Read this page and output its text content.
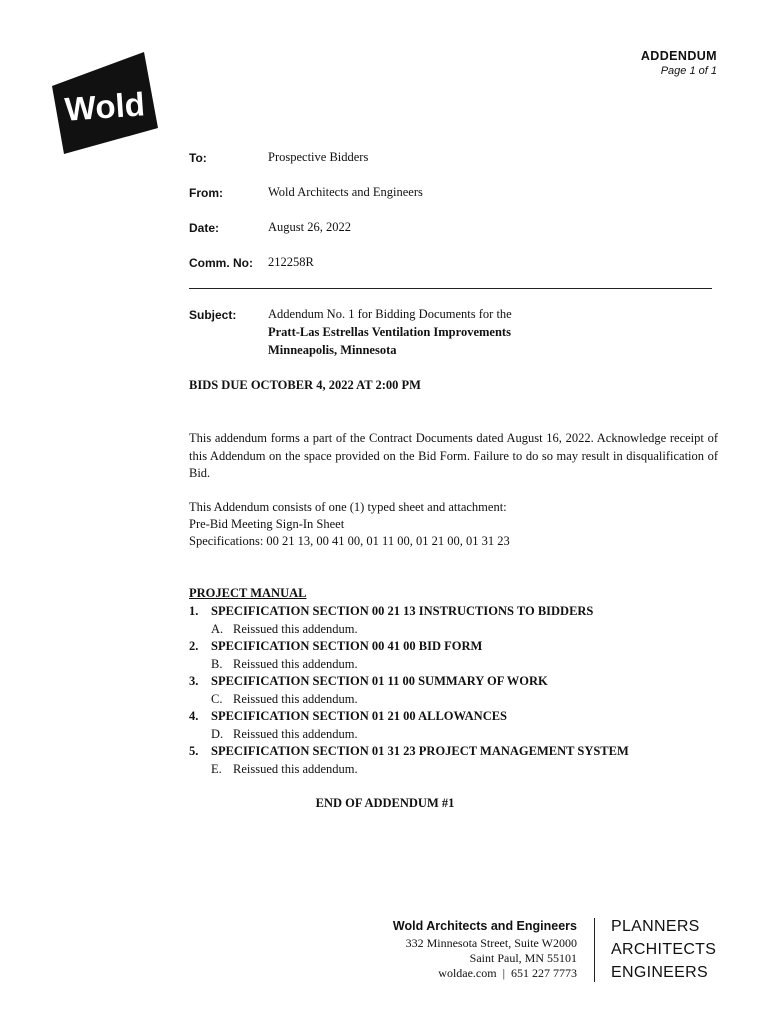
Wold
ADDENDUM
Page 1 of 1
To:	Prospective Bidders
From:	Wold Architects and Engineers
Date:	August 26, 2022
Comm. No: 212258R
Subject:	Addendum No. 1 for Bidding Documents for the
Pratt-Las Estrellas Ventilation Improvements
Minneapolis, Minnesota
BIDS DUE OCTOBER 4, 2022 AT 2:00 PM
This addendum forms a part of the Contract Documents dated August 16, 2022. Acknowledge receipt of this Addendum on the space provided on the Bid Form. Failure to do so may result in disqualification of Bid.
This Addendum consists of one (1) typed sheet and attachment:
Pre-Bid Meeting Sign-In Sheet
Specifications: 00 21 13, 00 41 00, 01 11 00, 01 21 00, 01 31 23
PROJECT MANUAL
1. SPECIFICATION SECTION 00 21 13 INSTRUCTIONS TO BIDDERS
A. Reissued this addendum.
2. SPECIFICATION SECTION 00 41 00 BID FORM
B. Reissued this addendum.
3. SPECIFICATION SECTION 01 11 00 SUMMARY OF WORK
C. Reissued this addendum.
4. SPECIFICATION SECTION 01 21 00 ALLOWANCES
D. Reissued this addendum.
5. SPECIFICATION SECTION 01 31 23 PROJECT MANAGEMENT SYSTEM
E. Reissued this addendum.
END OF ADDENDUM #1
Wold Architects and Engineers
332 Minnesota Street, Suite W2000
Saint Paul, MN 55101
woldae.com  |  651 227 7773
PLANNERS
ARCHITECTS
ENGINEERS
